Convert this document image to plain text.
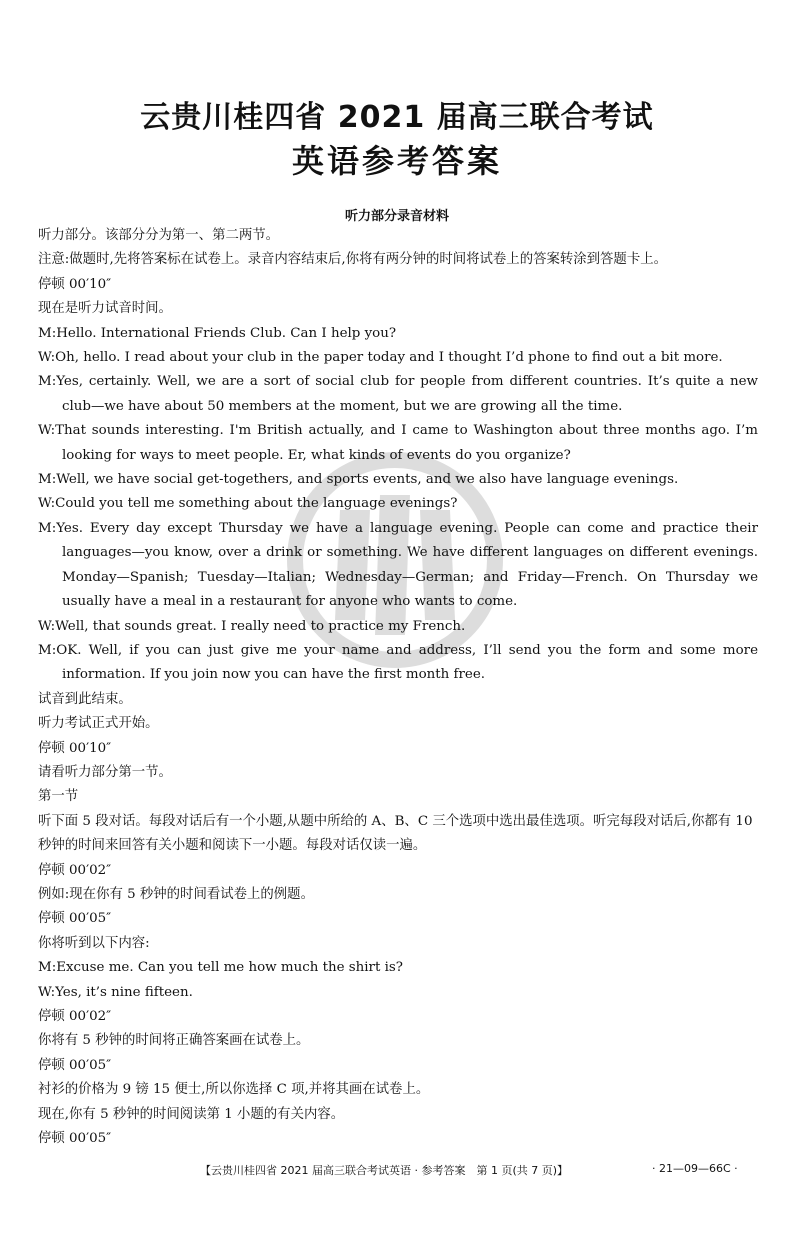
云贵川桂四省 2021 届高三联合考试
英语参考答案
听力部分录音材料

听力部分。该部分分为第一、第二两节。

注意:做题时,先将答案标在试卷上。录音内容结束后,你将有两分钟的时间将试卷上的答案转涂到答题卡上。

停顿 00′10″

现在是听力试音时间。

M:Hello. International Friends Club. Can I help you?

W:Oh, hello. I read about your club in the paper today and I thought I’d phone to find out a bit more.

M:Yes, certainly. Well, we are a sort of social club for people from different countries. It’s quite a new club—we have about 50 members at the moment, but we are growing all the time.

W:That sounds interesting. I'm British actually, and I came to Washington about three months ago. I’m looking for ways to meet people. Er, what kinds of events do you organize?

M:Well, we have social get-togethers, and sports events, and we also have language evenings.

W:Could you tell me something about the language evenings?

M:Yes. Every day except Thursday we have a language evening. People can come and practice their languages—you know, over a drink or something. We have different languages on different evenings. Monday—Spanish; Tuesday—Italian; Wednesday—German; and Friday—French. On Thursday we usually have a meal in a restaurant for anyone who wants to come.

W:Well, that sounds great. I really need to practice my French.

M:OK. Well, if you can just give me your name and address, I’ll send you the form and some more information. If you join now you can have the first month free.

试音到此结束。

听力考试正式开始。

停顿 00′10″

请看听力部分第一节。

第一节

听下面 5 段对话。每段对话后有一个小题,从题中所给的 A、B、C 三个选项中选出最佳选项。听完每段对话后,你都有 10 秒钟的时间来回答有关小题和阅读下一小题。每段对话仅读一遍。

停顿 00′02″

例如:现在你有 5 秒钟的时间看试卷上的例题。

停顿 00′05″

你将听到以下内容:

M:Excuse me. Can you tell me how much the shirt is?

W:Yes, it’s nine fifteen.

停顿 00′02″

你将有 5 秒钟的时间将正确答案画在试卷上。

停顿 00′05″

衬衫的价格为 9 镑 15 便士,所以你选择 C 项,并将其画在试卷上。

现在,你有 5 秒钟的时间阅读第 1 小题的有关内容。

停顿 00′05″

【云贵川桂四省 2021 届高三联合考试英语 · 参考答案　第 1 页(共 7 页)】	· 21—09—66C ·
